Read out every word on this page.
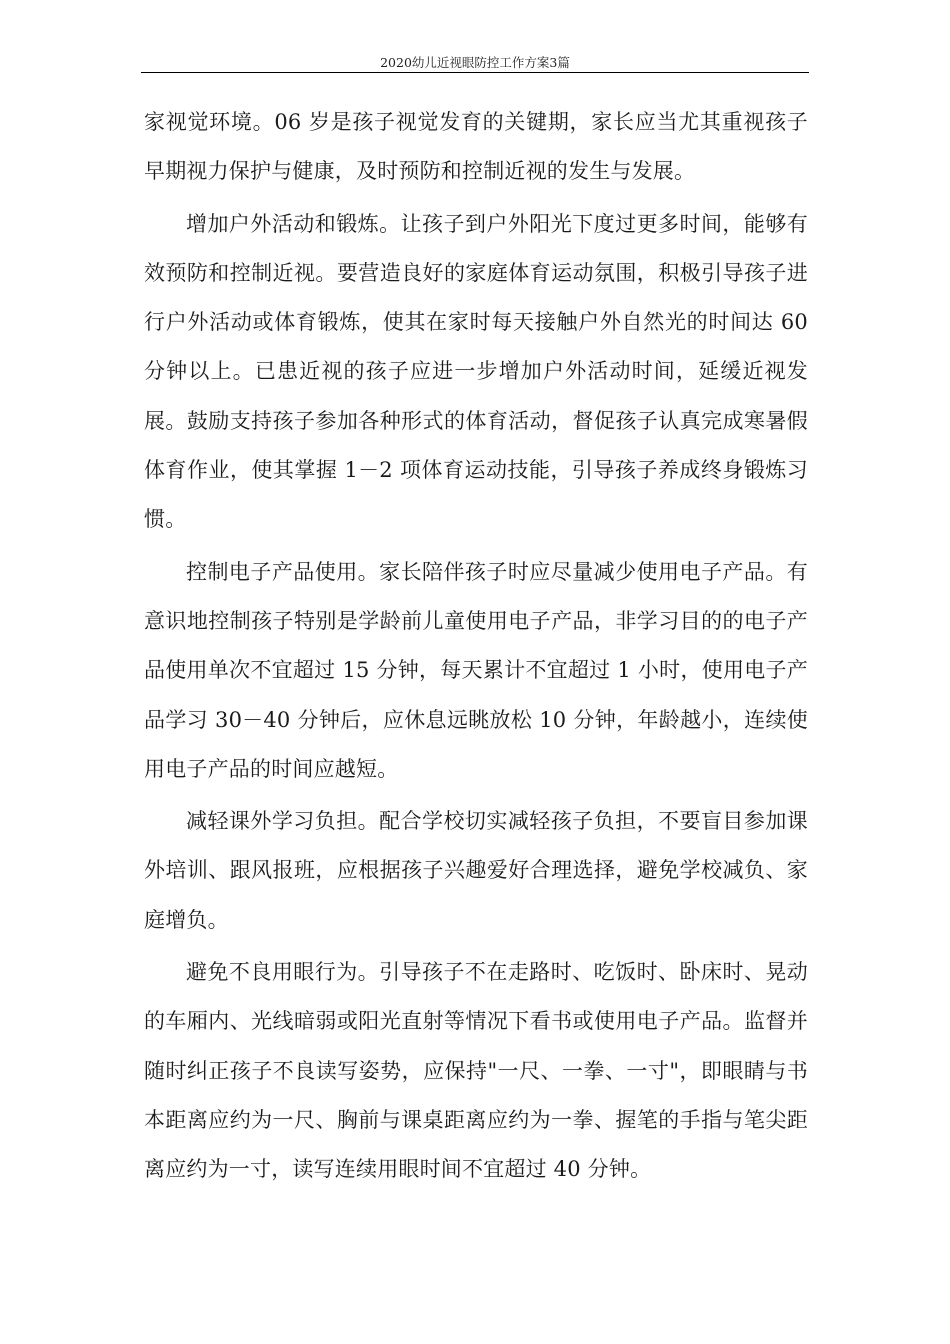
2020幼儿近视眼防控工作方案3篇

家视觉环境。06 岁是孩子视觉发育的关键期，家长应当尤其重视孩子早期视力保护与健康，及时预防和控制近视的发生与发展。

增加户外活动和锻炼。让孩子到户外阳光下度过更多时间，能够有效预防和控制近视。要营造良好的家庭体育运动氛围，积极引导孩子进行户外活动或体育锻炼，使其在家时每天接触户外自然光的时间达 60 分钟以上。已患近视的孩子应进一步增加户外活动时间，延缓近视发展。鼓励支持孩子参加各种形式的体育活动，督促孩子认真完成寒暑假体育作业，使其掌握 1－2 项体育运动技能，引导孩子养成终身锻炼习惯。

控制电子产品使用。家长陪伴孩子时应尽量减少使用电子产品。有意识地控制孩子特别是学龄前儿童使用电子产品，非学习目的的电子产品使用单次不宜超过 15 分钟，每天累计不宜超过 1 小时，使用电子产品学习 30－40 分钟后，应休息远眺放松 10 分钟，年龄越小，连续使用电子产品的时间应越短。

减轻课外学习负担。配合学校切实减轻孩子负担，不要盲目参加课外培训、跟风报班，应根据孩子兴趣爱好合理选择，避免学校减负、家庭增负。

避免不良用眼行为。引导孩子不在走路时、吃饭时、卧床时、晃动的车厢内、光线暗弱或阳光直射等情况下看书或使用电子产品。监督并随时纠正孩子不良读写姿势，应保持"一尺、一拳、一寸"，即眼睛与书本距离应约为一尺、胸前与课桌距离应约为一拳、握笔的手指与笔尖距离应约为一寸，读写连续用眼时间不宜超过 40 分钟。
